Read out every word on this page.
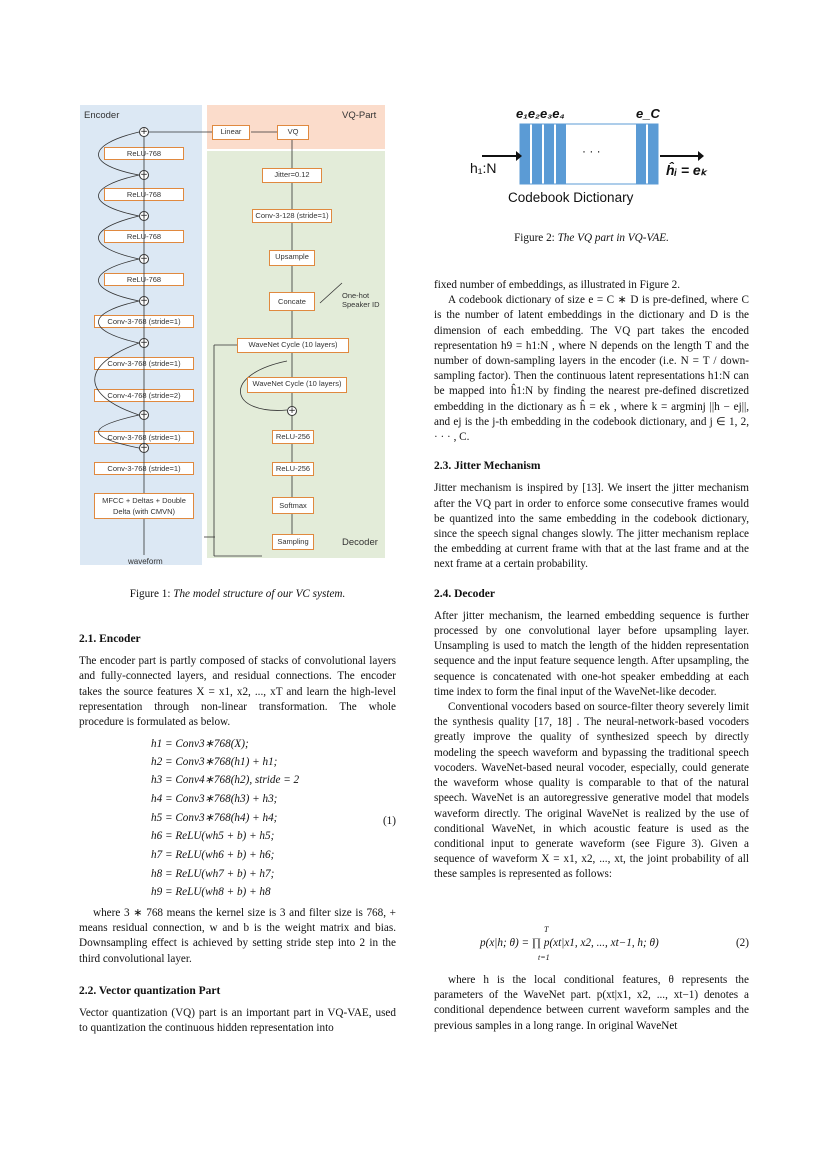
Encoder	VQ-Part
Decoder
ReLU-768
ReLU-768
ReLU-768
ReLU-768
Conv-3-768 (stride=1)
Conv-3-768 (stride=1)
Conv-4-768 (stride=2)
Conv-3-768 (stride=1)
Conv-3-768 (stride=1)
MFCC + Deltas + Double Delta (with CMVN)
+
+
+
+
+
+
+
+
Linear	VQ
Jitter=0.12
Conv-3-128 (stride=1)
Upsample
Concate
One-hot Speaker ID
WaveNet Cycle (10 layers)
WaveNet Cycle (10 layers)
+
ReLU-256
ReLU-256
Softmax
Sampling
waveform
Figure 1: The model structure of our VC system.
e₁e₂e₃e₄	e_C
· · ·
h₁:N	ĥᵢ = eₖ
Codebook Dictionary
Figure 2: The VQ part in VQ-VAE.
2.1. Encoder

The encoder part is partly composed of stacks of convolutional layers and fully-connected layers, and residual connections. The encoder takes the source features X = x1, x2, ..., xT and learn the high-level representation through non-linear transformation. The whole procedure is formulated as below.

h1 = Conv3∗768(X);
h2 = Conv3∗768(h1) + h1;
h3 = Conv4∗768(h2), stride = 2
h4 = Conv3∗768(h3) + h3;
h5 = Conv3∗768(h4) + h4;
h6 = ReLU(wh5 + b) + h5;
h7 = ReLU(wh6 + b) + h6;
h8 = ReLU(wh7 + b) + h7;
h9 = ReLU(wh8 + b) + h8
(1)

where 3 ∗ 768 means the kernel size is 3 and filter size is 768, + means residual connection, w and b is the weight matrix and bias. Downsampling effect is achieved by setting stride step into 2 in the third convolutional layer.

2.2. Vector quantization Part

Vector quantization (VQ) part is an important part in VQ-VAE, used to quantization the continuous hidden representation into

fixed number of embeddings, as illustrated in Figure 2.

A codebook dictionary of size e = C ∗ D is pre-defined, where C is the number of latent embeddings in the dictionary and D is the dimension of each embedding. The VQ part takes the encoded representation h9 = h1:N , where N depends on the length T and the number of down-sampling layers in the encoder (i.e. N = T / down-sampling factor). Then the continuous latent representations h1:N can be mapped into ĥ1:N by finding the nearest pre-defined discretized embedding in the dictionary as ĥ = ek , where k = argminj ||h − ej||, and ej is the j-th embedding in the codebook dictionary, and j ∈ 1, 2, · · · , C.

2.3. Jitter Mechanism

Jitter mechanism is inspired by [13]. We insert the jitter mechanism after the VQ part in order to enforce some consecutive frames would be quantized into the same embedding in the codebook dictionary, since the speech signal changes slowly. The jitter mechanism replace the embedding at current frame with that at the last frame and at the next frame at a certain probability.

2.4. Decoder

After jitter mechanism, the learned embedding sequence is further processed by one convolutional layer before upsampling layer. Unsampling is used to match the length of the hidden representation sequence and the input feature sequence length. After upsampling, the sequence is concatenated with one-hot speaker embedding at each time index to form the final input of the WaveNet-like decoder.

Conventional vocoders based on source-filter theory severely limit the synthesis quality [17, 18] . The neural-network-based vocoders greatly improve the quality of synthesized speech by directly modeling the speech waveform and bypassing the traditional speech vocoders. WaveNet-based neural vocoder, especially, could generate the waveform whose quality is comparable to that of the natural speech. WaveNet is an autoregressive generative model that models waveform directly. The original WaveNet is realized by the use of conditional WaveNet, in which acoustic feature is used as the conditional input to generate waveform (see Figure 3). Given a sequence of waveform X = x1, x2, ..., xt, the joint probability of all these samples is represented as follows:

T
p(x|h; θ) = ∏ p(xt|x1, x2, ..., xt−1, h; θ)
t=1
(2)

where h is the local conditional features, θ represents the parameters of the WaveNet part. p(xt|x1, x2, ..., xt−1) denotes a conditional dependence between current waveform samples and the previous samples in a long range. In original WaveNet
